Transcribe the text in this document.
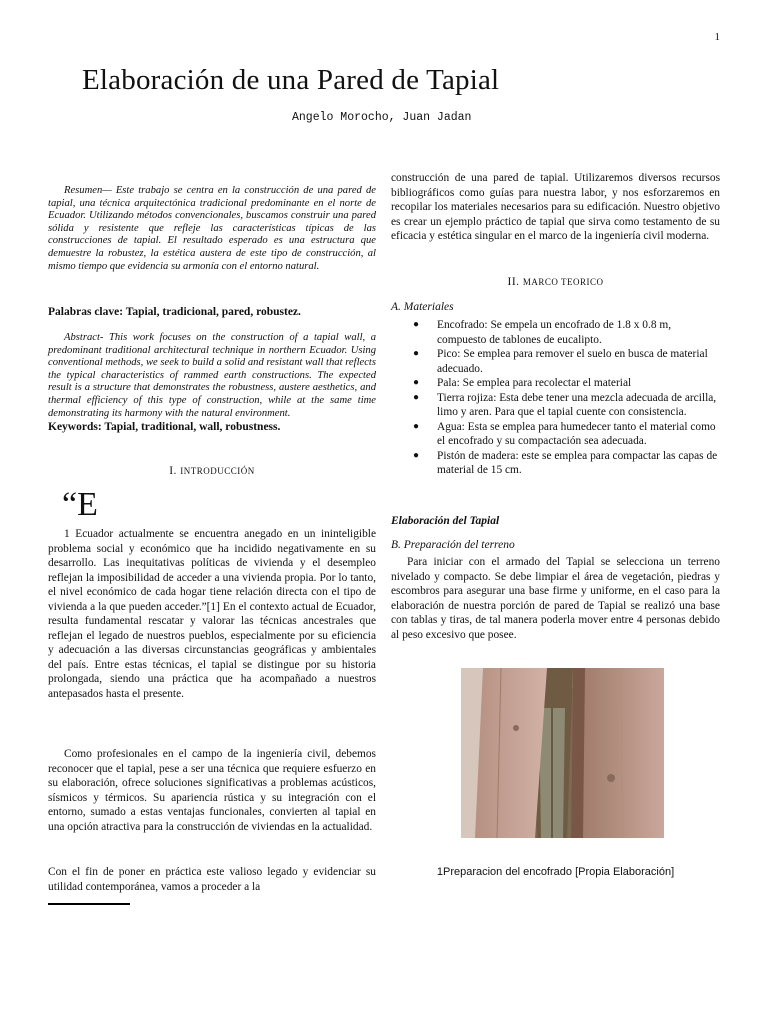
1
Elaboración de una Pared de Tapial
Angelo Morocho, Juan Jadan

Resumen— Este trabajo se centra en la construcción de una pared de tapial, una técnica arquitectónica tradicional predominante en el norte de Ecuador. Utilizando métodos convencionales, buscamos construir una pared sólida y resistente que refleje las características típicas de las construcciones de tapial. El resultado esperado es una estructura que demuestre la robustez, la estética austera de este tipo de construcción, al mismo tiempo que evidencia su armonía con el entorno natural.

Palabras clave: Tapial, tradicional, pared, robustez.

Abstract- This work focuses on the construction of a tapial wall, a predominant traditional architectural technique in northern Ecuador. Using conventional methods, we seek to build a solid and resistant wall that reflects the typical characteristics of rammed earth constructions. The expected result is a structure that demonstrates the robustness, austere aesthetics, and thermal efficiency of this type of construction, while at the same time demonstrating its harmony with the natural environment.

Keywords: Tapial, traditional, wall, robustness.

I. INTRODUCCIÓN
“E

1 Ecuador actualmente se encuentra anegado en un ininteligible problema social y económico que ha incidido negativamente en su desarrollo. Las inequitativas políticas de vivienda y el desempleo reflejan la imposibilidad de acceder a una vivienda propia. Por lo tanto, el nivel económico de cada hogar tiene relación directa con el tipo de vivienda a la que pueden acceder.”[1] En el contexto actual de Ecuador, resulta fundamental rescatar y valorar las técnicas ancestrales que reflejan el legado de nuestros pueblos, especialmente por su eficiencia y adecuación a las diversas circunstancias geográficas y ambientales del país. Entre estas técnicas, el tapial se distingue por su historia prolongada, siendo una práctica que ha acompañado a nuestros antepasados hasta el presente.

Como profesionales en el campo de la ingeniería civil, debemos reconocer que el tapial, pese a ser una técnica que requiere esfuerzo en su elaboración, ofrece soluciones significativas a problemas acústicos, sísmicos y térmicos. Su apariencia rústica y su integración con el entorno, sumado a estas ventajas funcionales, convierten al tapial en una opción atractiva para la construcción de viviendas en la actualidad.

Con el fin de poner en práctica este valioso legado y evidenciar su utilidad contemporánea, vamos a proceder a la

construcción de una pared de tapial. Utilizaremos diversos recursos bibliográficos como guías para nuestra labor, y nos esforzaremos en recopilar los materiales necesarios para su edificación. Nuestro objetivo es crear un ejemplo práctico de tapial que sirva como testamento de su eficacia y estética singular en el marco de la ingeniería civil moderna.

II. MARCO TEORICO

A. Materiales

● Encofrado: Se empela un encofrado de 1.8 x 0.8 m, compuesto de tablones de eucalipto.
● Pico: Se emplea para remover el suelo en busca de material adecuado.
● Pala: Se emplea para recolectar el material
● Tierra rojiza: Esta debe tener una mezcla adecuada de arcilla, limo y aren. Para que el tapial cuente con consistencia.
● Agua: Esta se emplea para humedecer tanto el material como el encofrado y su compactación sea adecuada.
● Pistón de madera: este se emplea para compactar las capas de material de 15 cm.

Elaboración del Tapial

B. Preparación del terreno

Para iniciar con el armado del Tapial se selecciona un terreno nivelado y compacto. Se debe limpiar el área de vegetación, piedras y escombros para asegurar una base firme y uniforme, en el caso para la elaboración de nuestra porción de pared de Tapial se realizó una base con tablas y tiras, de tal manera poderla mover entre 4 personas debido al peso excesivo que posee.

1Preparacion del encofrado [Propia Elaboración]
